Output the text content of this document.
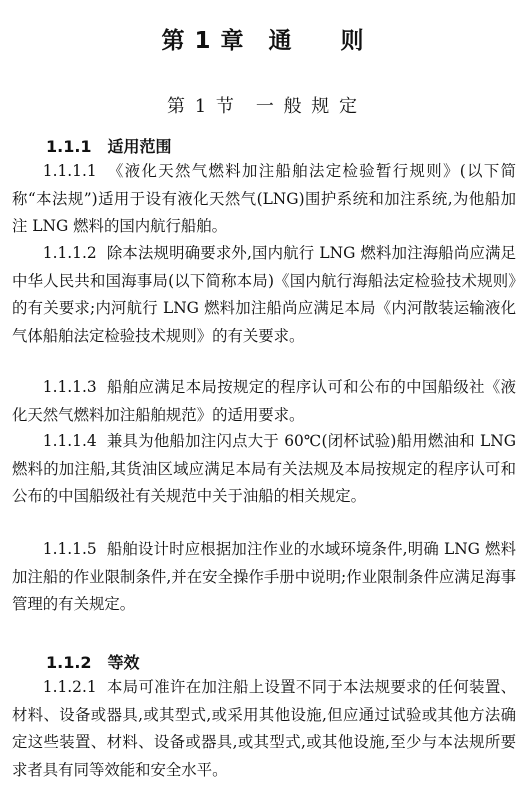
第 1 章　通　　则
第 1 节　一 般 规 定
1.1.1　适用范围

1.1.1.1 《液化天然气燃料加注船舶法定检验暂行规则》(以下简称“本法规”)适用于设有液化天然气(LNG)围护系统和加注系统,为他船加注 LNG 燃料的国内航行船舶。

1.1.1.2 除本法规明确要求外,国内航行 LNG 燃料加注海船尚应满足中华人民共和国海事局(以下简称本局)《国内航行海船法定检验技术规则》的有关要求;内河航行 LNG 燃料加注船尚应满足本局《内河散装运输液化气体船舶法定检验技术规则》的有关要求。

1.1.1.3 船舶应满足本局按规定的程序认可和公布的中国船级社《液化天然气燃料加注船舶规范》的适用要求。

1.1.1.4 兼具为他船加注闪点大于 60℃(闭杯试验)船用燃油和 LNG 燃料的加注船,其货油区域应满足本局有关法规及本局按规定的程序认可和公布的中国船级社有关规范中关于油船的相关规定。

1.1.1.5 船舶设计时应根据加注作业的水域环境条件,明确 LNG 燃料加注船的作业限制条件,并在安全操作手册中说明;作业限制条件应满足海事管理的有关规定。

1.1.2　等效

1.1.2.1 本局可准许在加注船上设置不同于本法规要求的任何装置、材料、设备或器具,或其型式,或采用其他设施,但应通过试验或其他方法确定这些装置、材料、设备或器具,或其型式,或其他设施,至少与本法规所要求者具有同等效能和安全水平。
